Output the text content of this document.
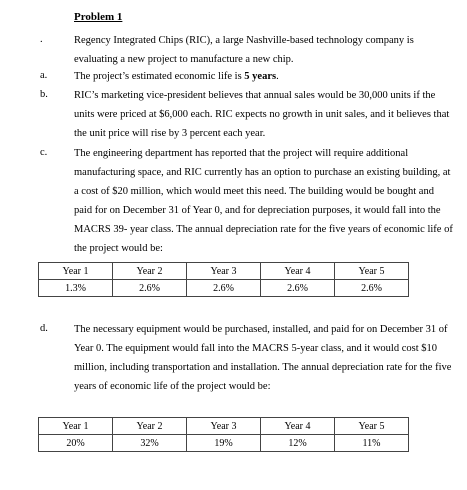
Problem 1
.	Regency Integrated Chips (RIC), a large Nashville-based technology company is evaluating a new project to manufacture a new chip.
a.	The project’s estimated economic life is 5 years.
b. RIC’s marketing vice-president believes that annual sales would be 30,000 units if the units were priced at $6,000 each. RIC expects no growth in unit sales, and it believes that the unit price will rise by 3 percent each year.
c.	The engineering department has reported that the project will require additional manufacturing space, and RIC currently has an option to purchase an existing building, at a cost of $20 million, which would meet this need. The building would be bought and paid for on December 31 of Year 0, and for depreciation purposes, it would fall into the MACRS 39- year class. The annual depreciation rate for the five years of economic life of the project would be:
Year 1	Year 2	Year 3	Year 4	Year 5
1.3%	2.6%	2.6%	2.6%	2.6%
d. The necessary equipment would be purchased, installed, and paid for on December 31 of Year 0. The equipment would fall into the MACRS 5-year class, and it would cost $10 million, including transportation and installation. The annual depreciation rate for the five years of economic life of the project would be:
Year 1	Year 2	Year 3	Year 4	Year 5
20%	32%	19%	12%	11%
